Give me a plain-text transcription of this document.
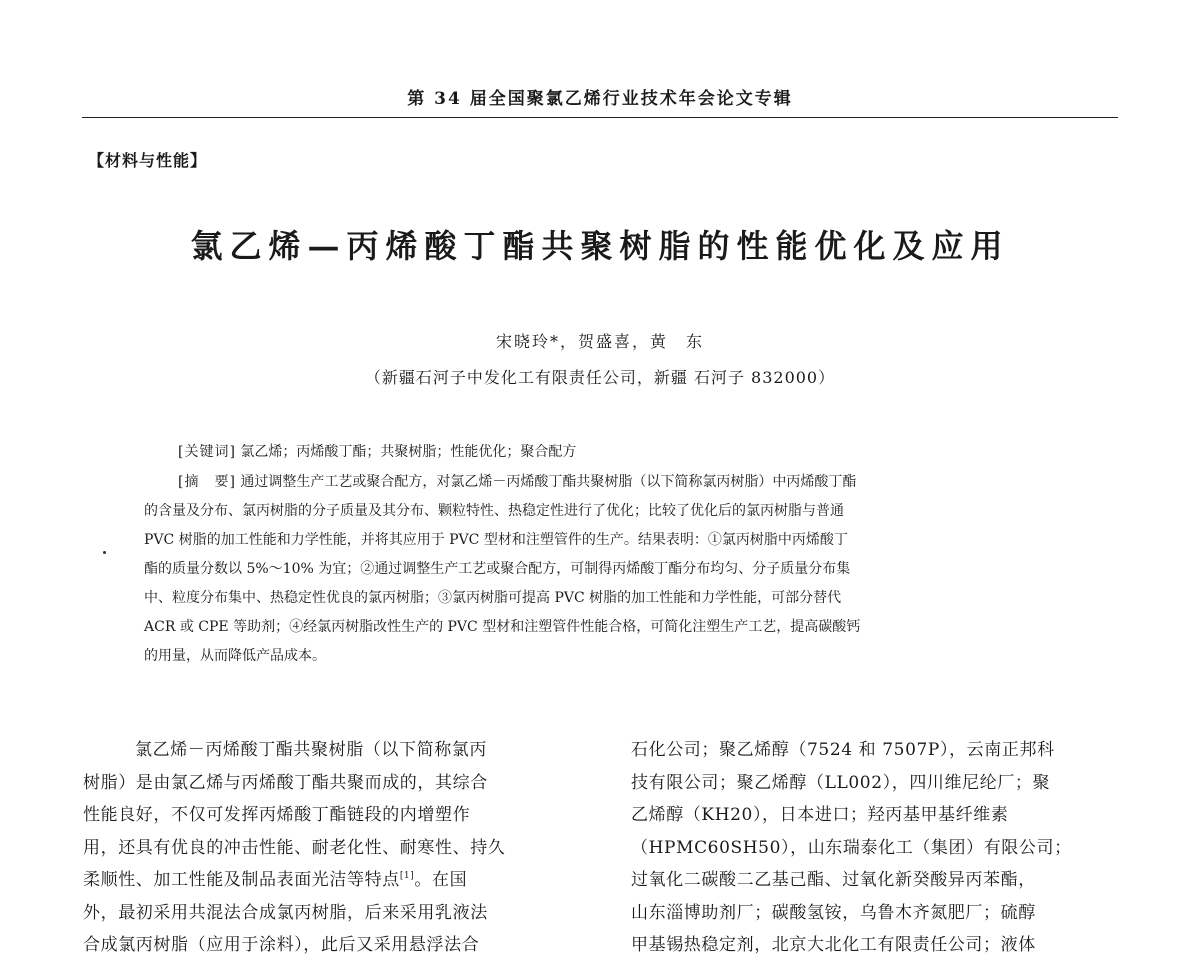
第 34 届全国聚氯乙烯行业技术年会论文专辑
【材料与性能】
氯乙烯—丙烯酸丁酯共聚树脂的性能优化及应用
宋晓玲*，贺盛喜，黄　东
（新疆石河子中发化工有限责任公司，新疆 石河子 832000）
[关键词] 氯乙烯；丙烯酸丁酯；共聚树脂；性能优化；聚合配方
[摘　要] 通过调整生产工艺或聚合配方，对氯乙烯－丙烯酸丁酯共聚树脂（以下简称氯丙树脂）中丙烯酸丁酯
的含量及分布、氯丙树脂的分子质量及其分布、颗粒特性、热稳定性进行了优化；比较了优化后的氯丙树脂与普通
PVC 树脂的加工性能和力学性能，并将其应用于 PVC 型材和注塑管件的生产。结果表明：①氯丙树脂中丙烯酸丁
酯的质量分数以 5%～10% 为宜；②通过调整生产工艺或聚合配方，可制得丙烯酸丁酯分布均匀、分子质量分布集
中、粒度分布集中、热稳定性优良的氯丙树脂；③氯丙树脂可提高 PVC 树脂的加工性能和力学性能，可部分替代
ACR 或 CPE 等助剂；④经氯丙树脂改性生产的 PVC 型材和注塑管件性能合格，可简化注塑生产工艺，提高碳酸钙
的用量，从而降低产品成本。
氯乙烯－丙烯酸丁酯共聚树脂（以下简称氯丙
树脂）是由氯乙烯与丙烯酸丁酯共聚而成的，其综合
性能良好，不仅可发挥丙烯酸丁酯链段的内增塑作
用，还具有优良的冲击性能、耐老化性、耐寒性、持久
柔顺性、加工性能及制品表面光洁等特点[1]。在国
外，最初采用共混法合成氯丙树脂，后来采用乳液法
合成氯丙树脂（应用于涂料），此后又采用悬浮法合
石化公司；聚乙烯醇（7524 和 7507P），云南正邦科
技有限公司；聚乙烯醇（LL002），四川维尼纶厂；聚
乙烯醇（KH20），日本进口；羟丙基甲基纤维素
（HPMC60SH50），山东瑞泰化工（集团）有限公司；
过氧化二碳酸二乙基己酯、过氧化新癸酸异丙苯酯，
山东淄博助剂厂；碳酸氢铵，乌鲁木齐氮肥厂；硫醇
甲基锡热稳定剂，北京大北化工有限责任公司；液体
